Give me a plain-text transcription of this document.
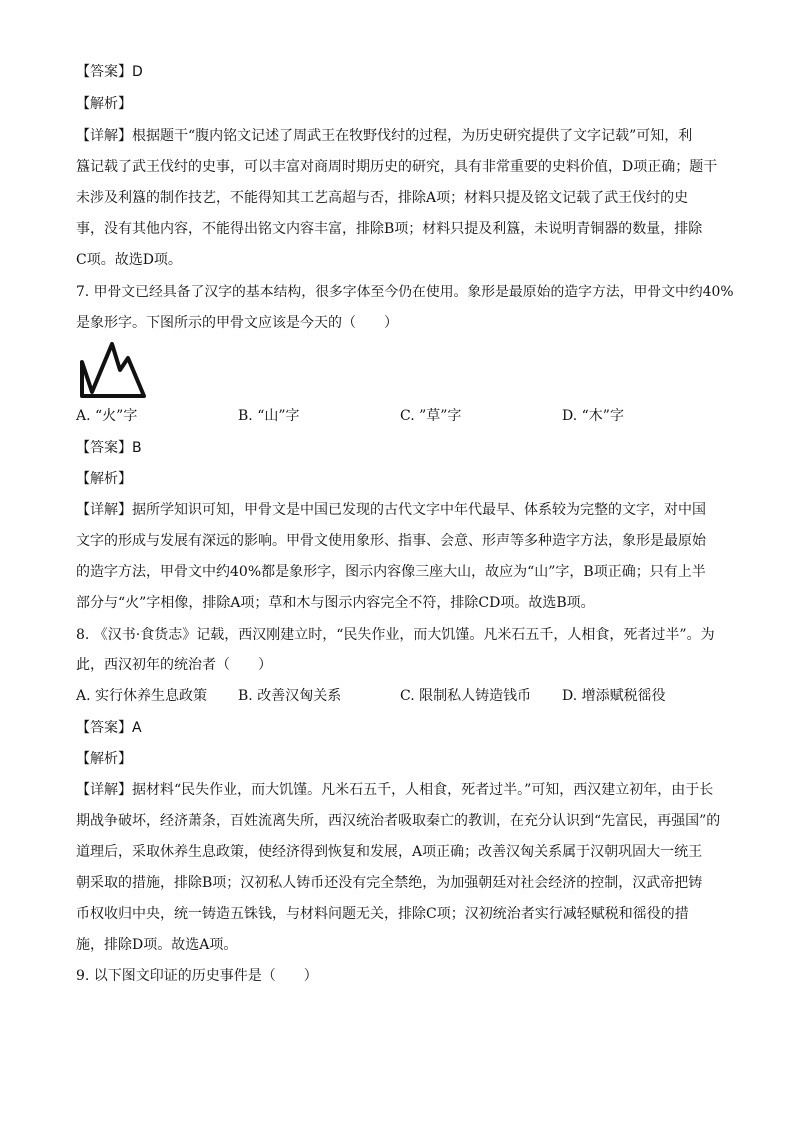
【答案】D
【解析】
【详解】根据题干“腹内铭文记述了周武王在牧野伐纣的过程，为历史研究提供了文字记载”可知，利
簋记载了武王伐纣的史事，可以丰富对商周时期历史的研究，具有非常重要的史料价值，D项正确；题干
未涉及利簋的制作技艺，不能得知其工艺高超与否，排除A项；材料只提及铭文记载了武王伐纣的史
事，没有其他内容，不能得出铭文内容丰富，排除B项；材料只提及利簋，未说明青铜器的数量，排除
C项。故选D项。
7. 甲骨文已经具备了汉字的基本结构，很多字体至今仍在使用。象形是最原始的造字方法，甲骨文中约40%
是象形字。下图所示的甲骨文应该是今天的（　　）
A. “火”字	B. “山”字	C. ”草”字	D. “木”字
【答案】B
【解析】
【详解】据所学知识可知，甲骨文是中国已发现的古代文字中年代最早、体系较为完整的文字，对中国
文字的形成与发展有深远的影响。甲骨文使用象形、指事、会意、形声等多种造字方法，象形是最原始
的造字方法，甲骨文中约40%都是象形字，图示内容像三座大山，故应为“山”字，B项正确；只有上半
部分与“火”字相像，排除A项；草和木与图示内容完全不符，排除CD项。故选B项。
8. 《汉书·食货志》记载，西汉刚建立时，“民失作业，而大饥馑。凡米石五千，人相食，死者过半”。为
此，西汉初年的统治者（　　）
A. 实行休养生息政策 B. 改善汉匈关系	C. 限制私人铸造钱币 D. 增添赋税徭役
【答案】A
【解析】
【详解】据材料“民失作业，而大饥馑。凡米石五千，人相食，死者过半。”可知，西汉建立初年，由于长
期战争破坏，经济萧条，百姓流离失所，西汉统治者吸取秦亡的教训，在充分认识到“先富民，再强国”的
道理后，采取休养生息政策，使经济得到恢复和发展，A项正确；改善汉匈关系属于汉朝巩固大一统王
朝采取的措施，排除B项；汉初私人铸币还没有完全禁绝，为加强朝廷对社会经济的控制，汉武帝把铸
币权收归中央，统一铸造五铢钱，与材料问题无关，排除C项；汉初统治者实行减轻赋税和徭役的措
施，排除D项。故选A项。
9. 以下图文印证的历史事件是（　　）
